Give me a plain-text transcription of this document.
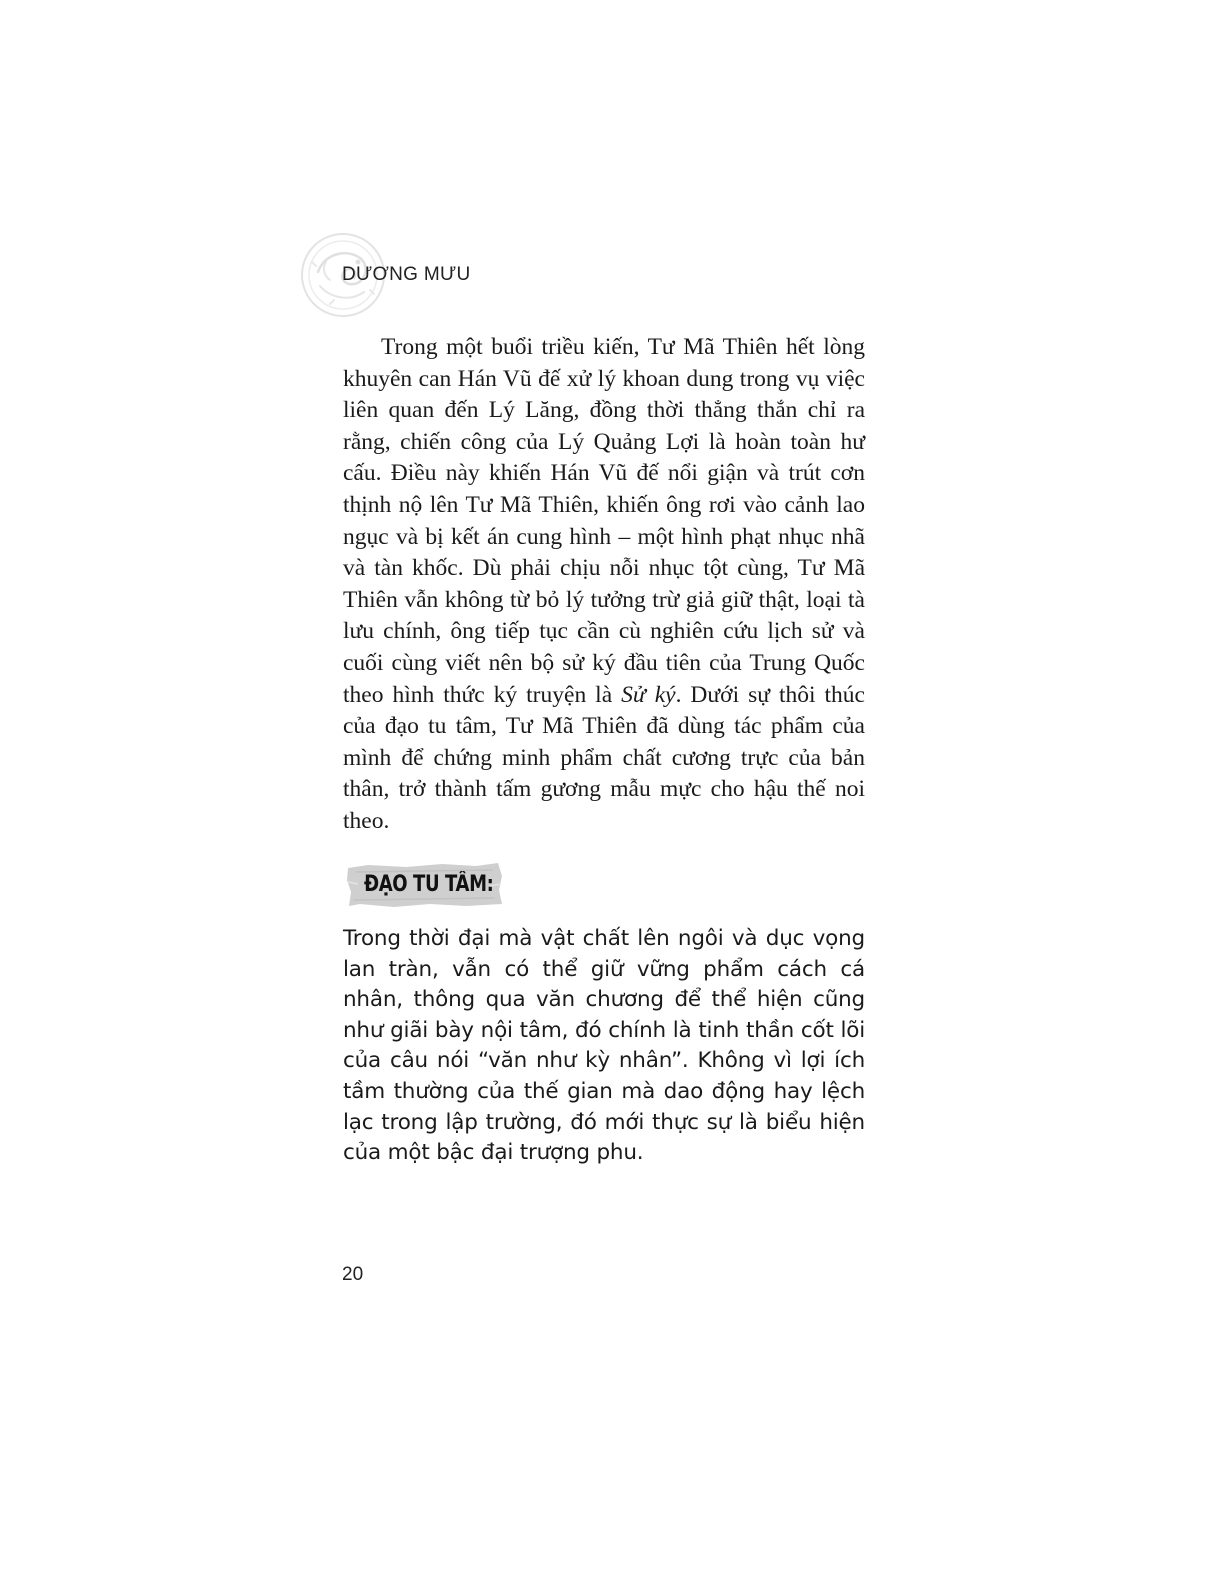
DƯƠNG MƯU

Trong một buổi triều kiến, Tư Mã Thiên hết lòng khuyên can Hán Vũ đế xử lý khoan dung trong vụ việc liên quan đến Lý Lăng, đồng thời thẳng thắn chỉ ra rằng, chiến công của Lý Quảng Lợi là hoàn toàn hư cấu. Điều này khiến Hán Vũ đế nổi giận và trút cơn thịnh nộ lên Tư Mã Thiên, khiến ông rơi vào cảnh lao ngục và bị kết án cung hình – một hình phạt nhục nhã và tàn khốc. Dù phải chịu nỗi nhục tột cùng, Tư Mã Thiên vẫn không từ bỏ lý tưởng trừ giả giữ thật, loại tà lưu chính, ông tiếp tục cần cù nghiên cứu lịch sử và cuối cùng viết nên bộ sử ký đầu tiên của Trung Quốc theo hình thức ký truyện là Sử ký. Dưới sự thôi thúc của đạo tu tâm, Tư Mã Thiên đã dùng tác phẩm của mình để chứng minh phẩm chất cương trực của bản thân, trở thành tấm gương mẫu mực cho hậu thế noi theo.

ĐẠO TU TÂM:

Trong thời đại mà vật chất lên ngôi và dục vọng lan tràn, vẫn có thể giữ vững phẩm cách cá nhân, thông qua văn chương để thể hiện cũng như giãi bày nội tâm, đó chính là tinh thần cốt lõi của câu nói “văn như kỳ nhân”. Không vì lợi ích tầm thường của thế gian mà dao động hay lệch lạc trong lập trường, đó mới thực sự là biểu hiện của một bậc đại trượng phu.

20
